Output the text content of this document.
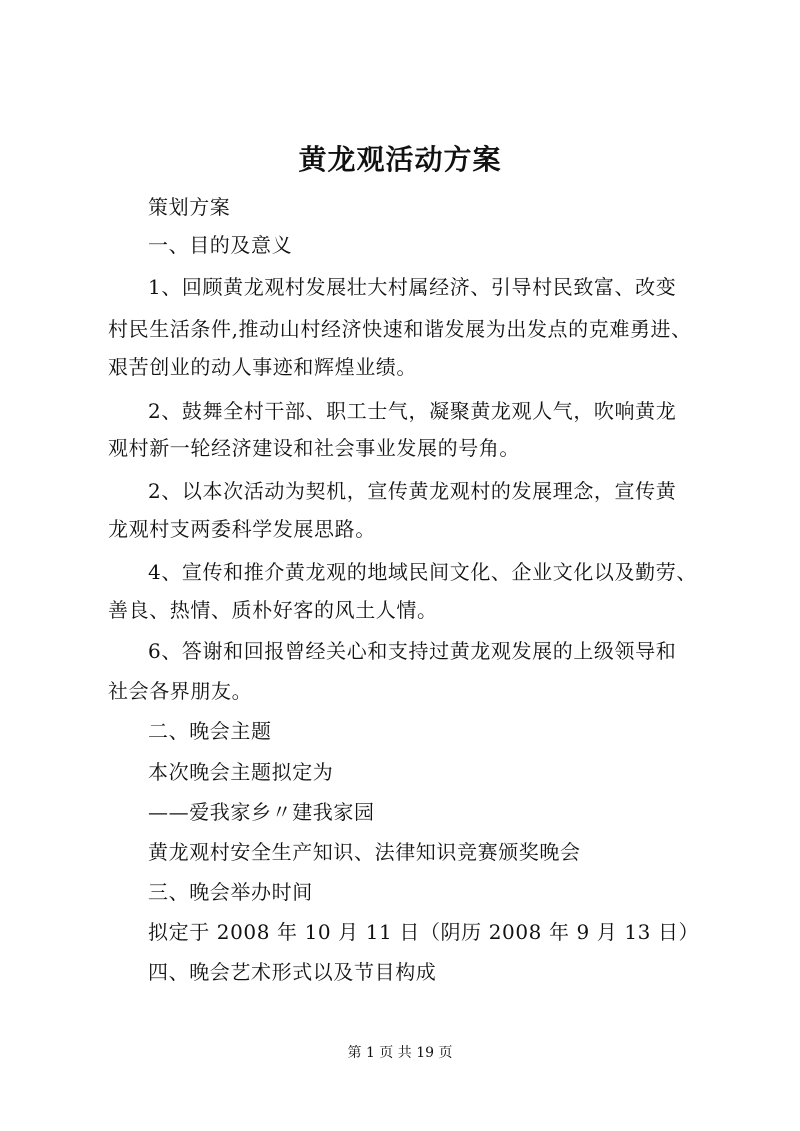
黄龙观活动方案
策划方案
一、目的及意义
1、回顾黄龙观村发展壮大村属经济、引导村民致富、改变
村民生活条件,推动山村经济快速和谐发展为出发点的克难勇进、
艰苦创业的动人事迹和辉煌业绩。
2、鼓舞全村干部、职工士气，凝聚黄龙观人气，吹响黄龙
观村新一轮经济建设和社会事业发展的号角。
2、以本次活动为契机，宣传黄龙观村的发展理念，宣传黄
龙观村支两委科学发展思路。
4、宣传和推介黄龙观的地域民间文化、企业文化以及勤劳、
善良、热情、质朴好客的风土人情。
6、答谢和回报曾经关心和支持过黄龙观发展的上级领导和
社会各界朋友。
二、晚会主题
本次晚会主题拟定为
——爱我家乡〃建我家园
黄龙观村安全生产知识、法律知识竞赛颁奖晚会
三、晚会举办时间
拟定于 2008 年 10 月 11 日（阴历 2008 年 9 月 13 日）
四、晚会艺术形式以及节目构成
第 1 页 共 19 页
